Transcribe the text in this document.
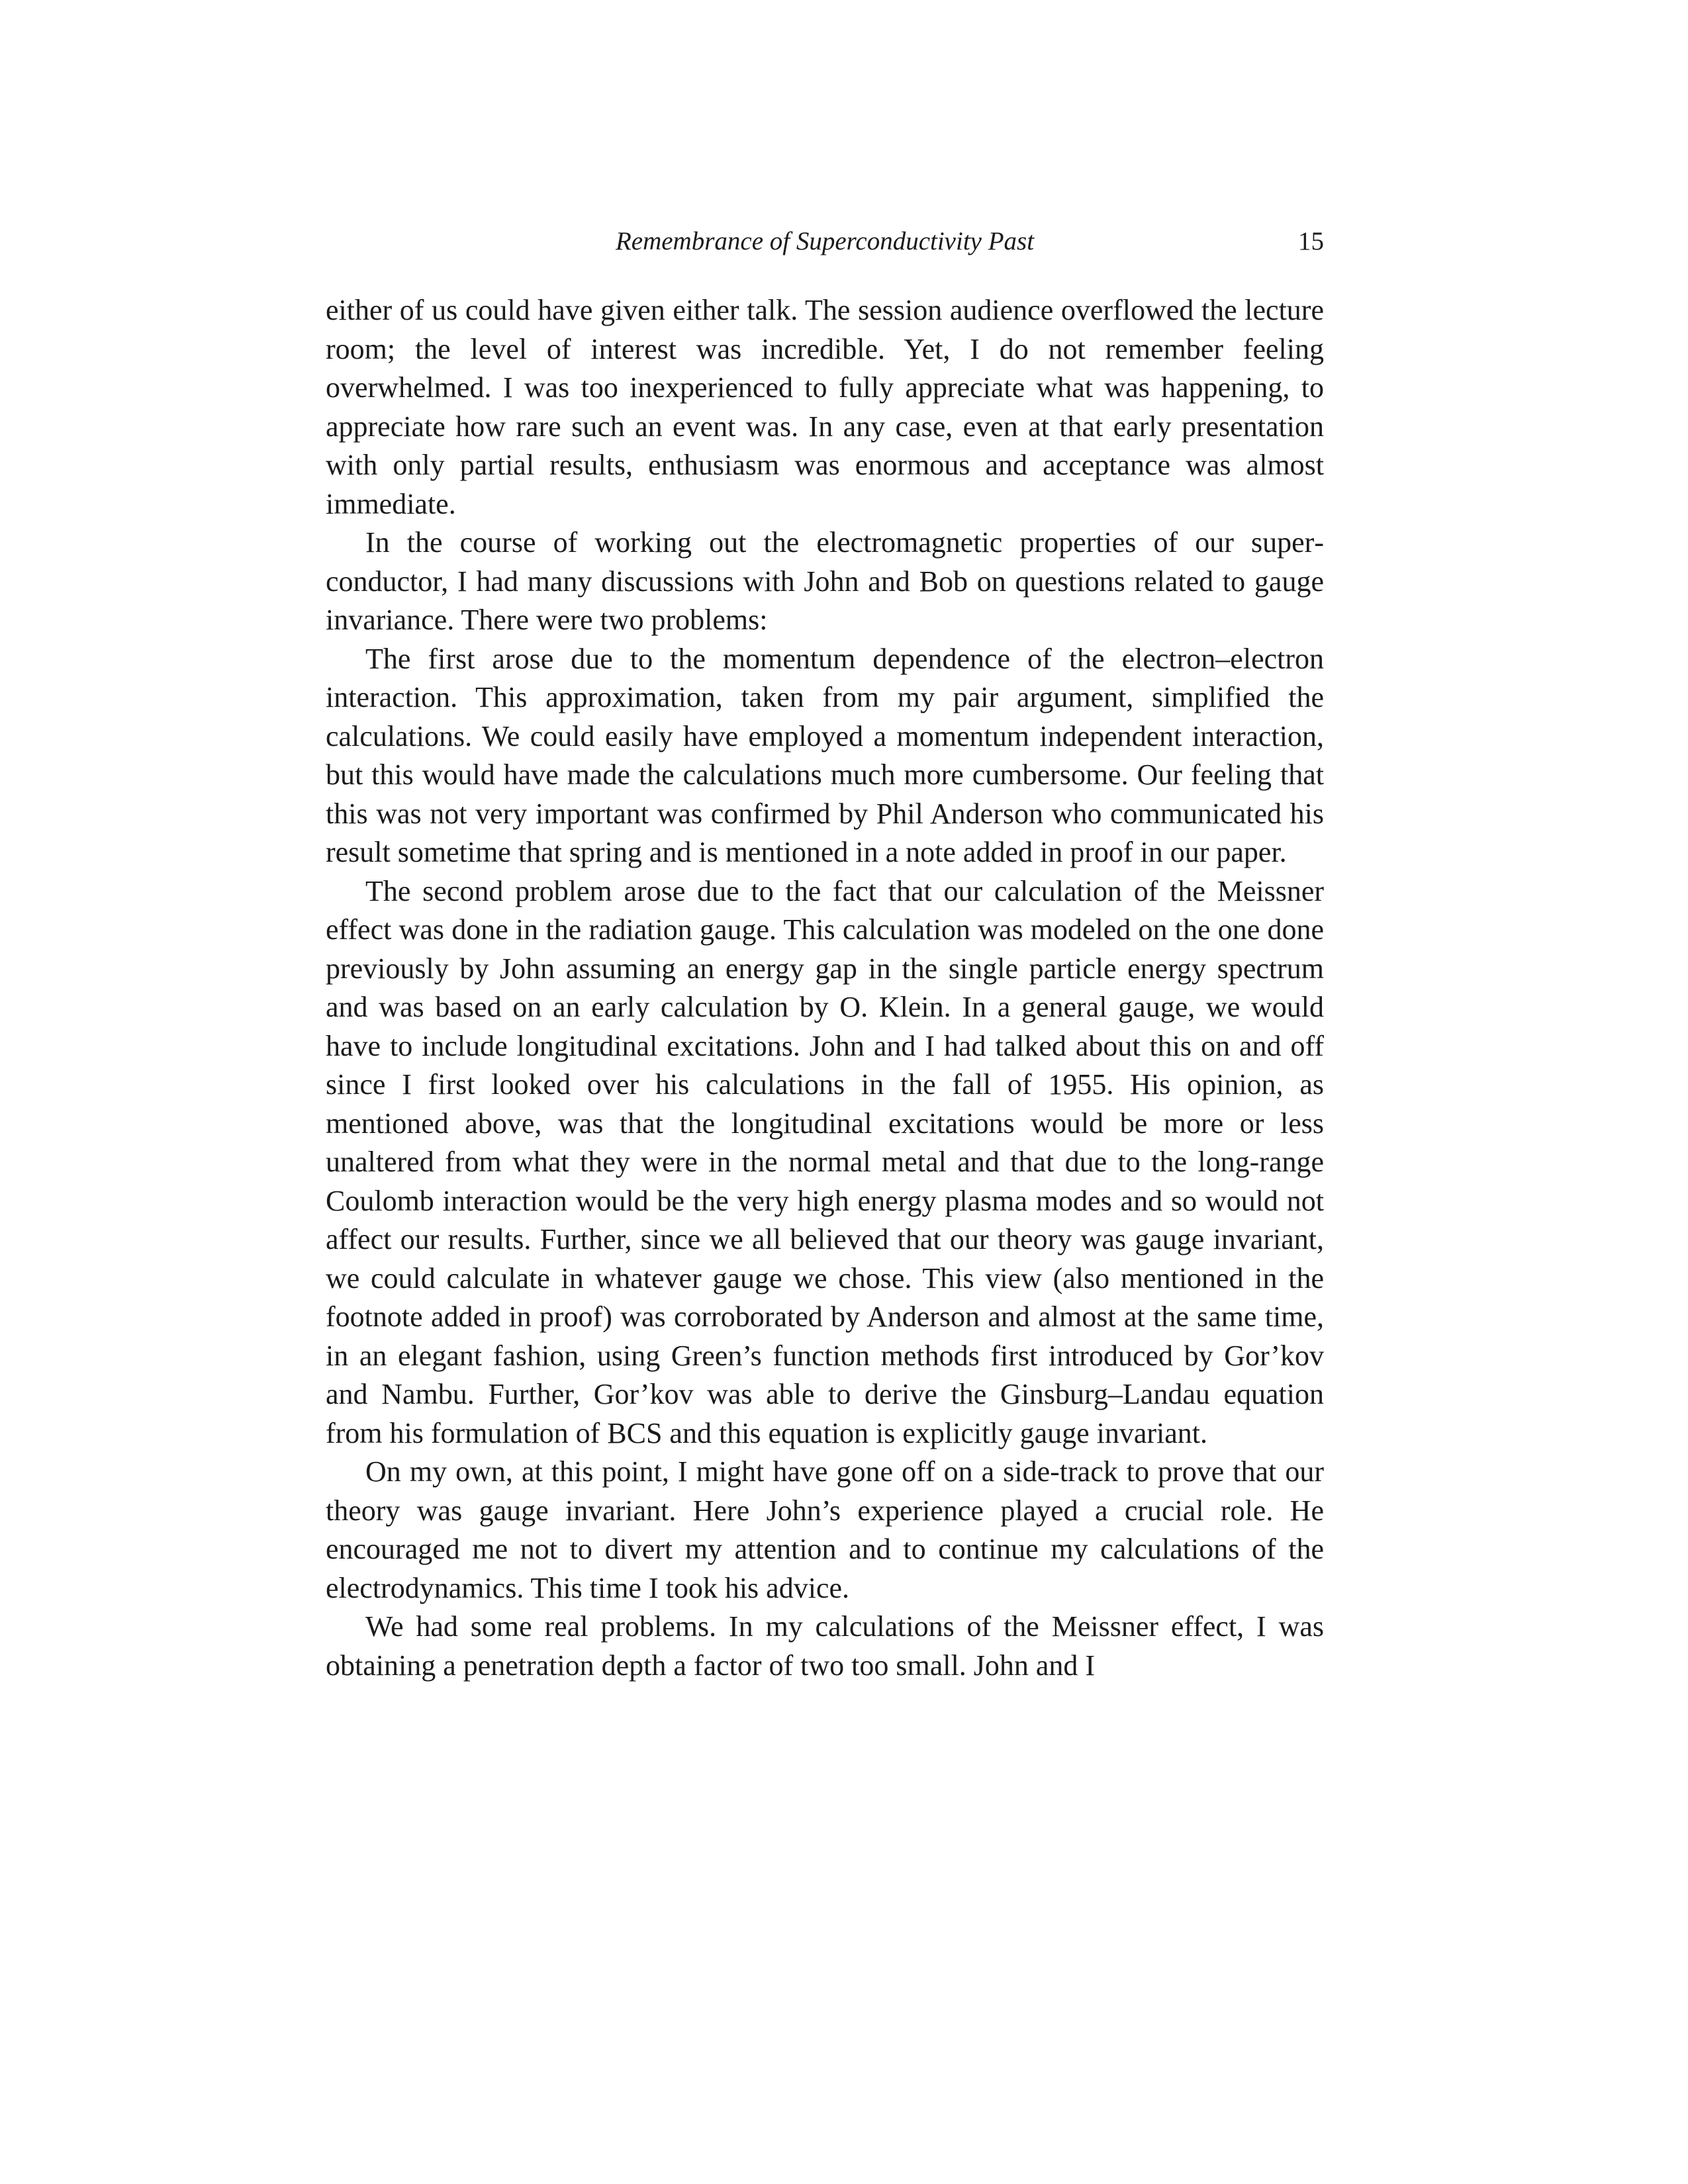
Remembrance of Superconductivity Past	15

either of us could have given either talk. The session audience overflowed the lecture room; the level of interest was incredible. Yet, I do not remember feeling overwhelmed. I was too inexperienced to fully appreciate what was happening, to appreciate how rare such an event was. In any case, even at that early presentation with only partial results, enthusiasm was enormous and acceptance was almost immediate.

In the course of working out the electromagnetic properties of our superconductor, I had many discussions with John and Bob on questions related to gauge invariance. There were two problems:

The first arose due to the momentum dependence of the electron–electron interaction. This approximation, taken from my pair argument, simplified the calculations. We could easily have employed a momentum independent interaction, but this would have made the calculations much more cumbersome. Our feeling that this was not very important was confirmed by Phil Anderson who communicated his result sometime that spring and is mentioned in a note added in proof in our paper.

The second problem arose due to the fact that our calculation of the Meissner effect was done in the radiation gauge. This calculation was modeled on the one done previously by John assuming an energy gap in the single particle energy spectrum and was based on an early calculation by O. Klein. In a general gauge, we would have to include longitudinal excitations. John and I had talked about this on and off since I first looked over his calculations in the fall of 1955. His opinion, as mentioned above, was that the longitudinal excitations would be more or less unaltered from what they were in the normal metal and that due to the long-range Coulomb interaction would be the very high energy plasma modes and so would not affect our results. Further, since we all believed that our theory was gauge invariant, we could calculate in whatever gauge we chose. This view (also mentioned in the footnote added in proof) was corroborated by Anderson and almost at the same time, in an elegant fashion, using Green’s function methods first introduced by Gor’kov and Nambu. Further, Gor’kov was able to derive the Ginsburg–Landau equation from his formulation of BCS and this equation is explicitly gauge invariant.

On my own, at this point, I might have gone off on a side-track to prove that our theory was gauge invariant. Here John’s experience played a crucial role. He encouraged me not to divert my attention and to continue my calculations of the electrodynamics. This time I took his advice.

We had some real problems. In my calculations of the Meissner effect, I was obtaining a penetration depth a factor of two too small. John and I
